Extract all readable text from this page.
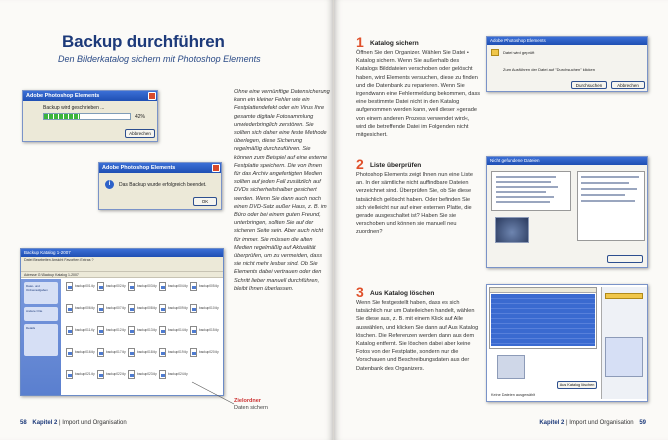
Backup durchführen
Den Bilderkatalog sichern mit Photoshop Elements
Adobe Photoshop Elements
Backup wird geschrieben ...
42%
Abbrechen
Adobe Photoshop Elements
i	Das Backup wurde erfolgreich beendet.
OK
Ohne eine vernünftige Datensicherung kann ein kleiner Fehler wie ein Festplattendefekt oder ein Virus Ihre gesamte digitale Fotosammlung unwiederbringlich zerstören. Sie sollten sich daher eine feste Methode überlegen, diese Sicherung regelmäßig durchzuführen. Sie können zum Beispiel auf eine externe Festplatte speichern. Die von Ihnen für das Archiv angefertigten Medien sollten auf jeden Fall zusätzlich auf DVDs sicherheitshalber gesichert werden. Wenn Sie dann auch noch einen DVD-Satz außer Haus, z. B. im Büro oder bei einem guten Freund, unterbringen, sollten Sie auf der sicheren Seite sein. Aber auch nicht für immer. Sie müssen die alten Medien regelmäßig auf Aktualität überprüfen, um zu vermeiden, dass sie nicht mehr lesbar sind. Ob Sie Elements dabei vertrauen oder den Schritt lieber manuell durchführen, bleibt Ihnen überlassen.
Backup Katalog 1-2007
Datei Bearbeiten Ansicht Favoriten Extras ?
Adresse G:\Backup Katalog 1-2007
Datei- und Ordneraufgaben
Andere Orte
Details
backup001.tly	backup002.tly	backup003.tly	backup004.tly	backup005.tly
backup006.tly	backup007.tly	backup008.tly	backup009.tly	backup010.tly
backup011.tly	backup012.tly	backup013.tly	backup014.tly	backup015.tly
backup016.tly	backup017.tly	backup018.tly	backup019.tly	backup020.tly
backup021.tly	backup022.tly	backup023.tly	backup024.tly
Zielordner
Daten sichern
58 Kapitel 2 | Import und Organisation
1 Katalog sichern
Öffnen Sie den Organizer. Wählen Sie Datei • Katalog sichern. Wenn Sie außerhalb des Katalogs Bilddateien verschoben oder gelöscht haben, wird Elements versuchen, diese zu finden und die Datenbank zu reparieren. Wenn Sie irgendwann eine Fehlermeldung bekommen, dass eine bestimmte Datei nicht in den Katalog aufgenommen werden kann, weil dieser »gerade von einem anderen Prozess verwendet wird«, wird die betreffende Datei im Folgenden nicht mitgesichert.
Adobe Photoshop Elements
Datei wird geprüft
Zum Ausführen der Datei auf "Durchsuchen" klicken
Durchsuchen	Abbrechen
2 Liste überprüfen
Photoshop Elements zeigt Ihnen nun eine Liste an. In der sämtliche nicht auffindbare Dateien verzeichnet sind. Überprüfen Sie, ob Sie diese tatsächlich gelöscht haben. Oder befinden Sie sich vielleicht nur auf einer externen Platte, die gerade ausgeschaltet ist? Haben Sie sie verschoben und können sie manuell neu zuordnen?
Nicht gefundene Dateien
3 Aus Katalog löschen
Wenn Sie festgestellt haben, dass es sich tatsächlich nur um Dateileichen handelt, wählen Sie diese aus, z. B. mit einem Klick auf Alle auswählen, und klicken Sie dann auf Aus Katalog löschen. Die Referenzen werden dann aus dem Katalog entfernt. Sie löschen dabei aber keine Fotos von der Festplatte, sondern nur die Vorschauen und Beschreibungsdaten aus der Datenbank des Organizers.
Aus Katalog löschen
Keine Dateien ausgewählt
Kapitel 2 | Import und Organisation 59
